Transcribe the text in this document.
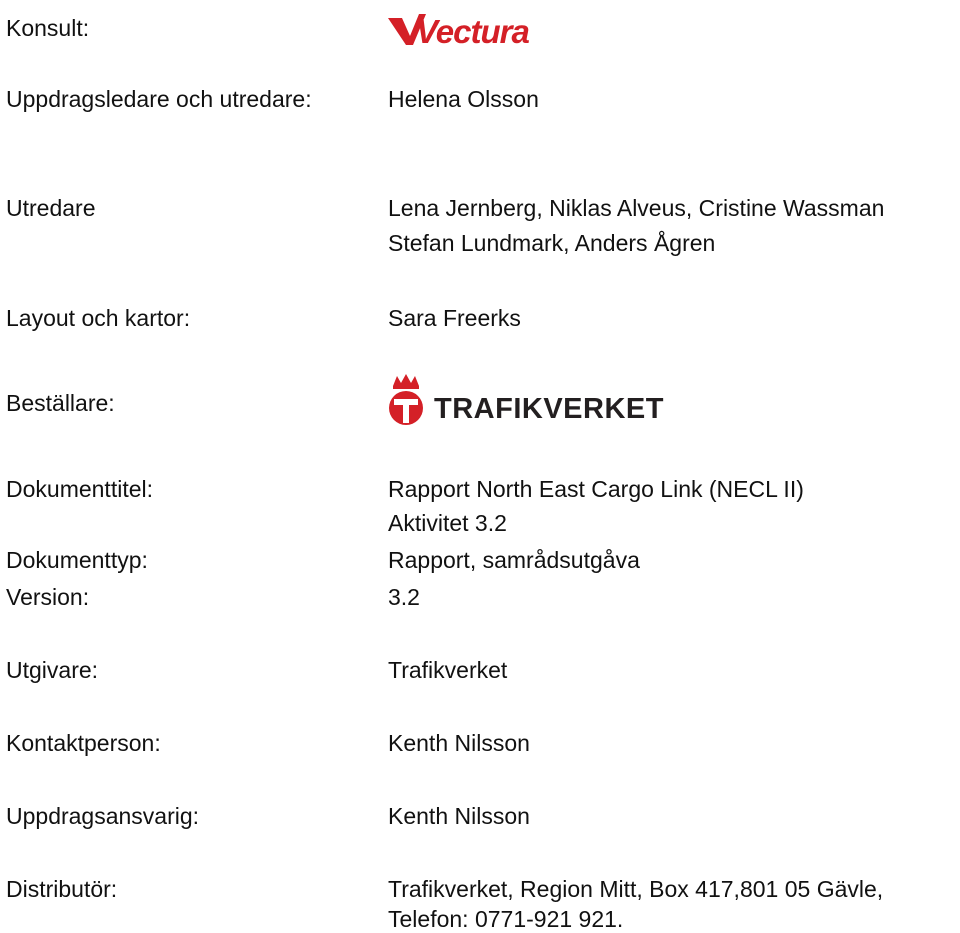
Konsult:	Vectura
Uppdragsledare och utredare:	Helena Olsson
Utredare	Lena Jernberg, Niklas Alveus, Cristine Wassman
Stefan Lundmark, Anders Ågren
Layout och kartor:	Sara Freerks
Beställare:	TRAFIKVERKET
Dokumenttitel:	Rapport North East Cargo Link (NECL II)
Aktivitet 3.2
Dokumenttyp:	Rapport, samrådsutgåva
Version:	3.2
Utgivare:	Trafikverket
Kontaktperson:	Kenth Nilsson
Uppdragsansvarig:	Kenth Nilsson
Distributör:	Trafikverket, Region Mitt, Box 417,801 05 Gävle,
Telefon: 0771-921 921.
